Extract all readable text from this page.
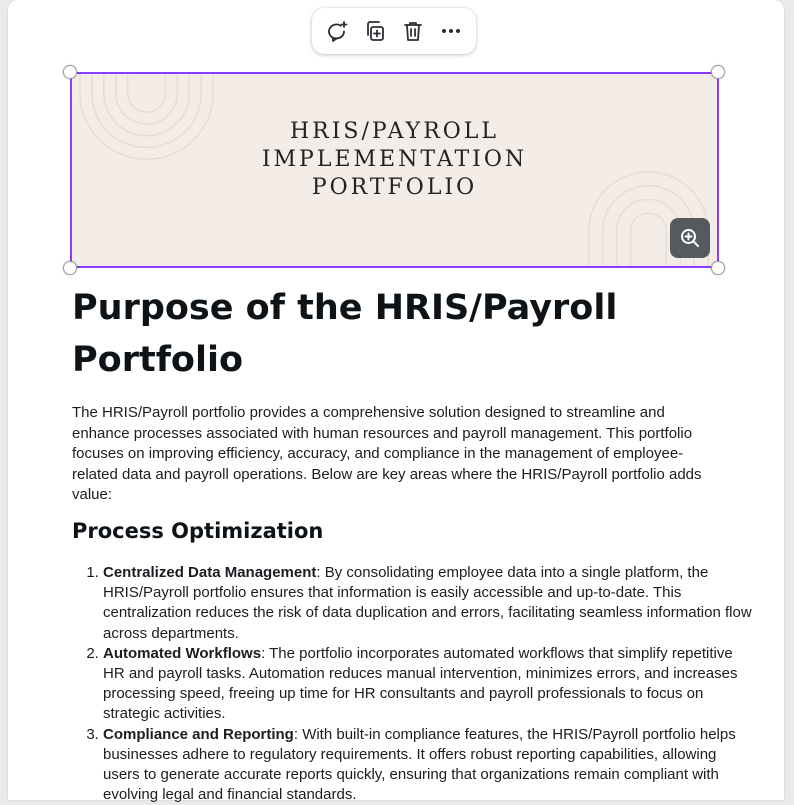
HRIS/PAYROLL
IMPLEMENTATION
PORTFOLIO
Purpose of the HRIS/Payroll Portfolio

The HRIS/Payroll portfolio provides a comprehensive solution designed to streamline and enhance processes associated with human resources and payroll management. This portfolio focuses on improving efficiency, accuracy, and compliance in the management of employee-related data and payroll operations. Below are key areas where the HRIS/Payroll portfolio adds value:

Process Optimization
1. Centralized Data Management: By consolidating employee data into a single platform, the HRIS/Payroll portfolio ensures that information is easily accessible and up-to-date. This centralization reduces the risk of data duplication and errors, facilitating seamless information flow across departments.
2. Automated Workflows: The portfolio incorporates automated workflows that simplify repetitive HR and payroll tasks. Automation reduces manual intervention, minimizes errors, and increases processing speed, freeing up time for HR consultants and payroll professionals to focus on strategic activities.
3. Compliance and Reporting: With built-in compliance features, the HRIS/Payroll portfolio helps businesses adhere to regulatory requirements. It offers robust reporting capabilities, allowing users to generate accurate reports quickly, ensuring that organizations remain compliant with evolving legal and financial standards.
